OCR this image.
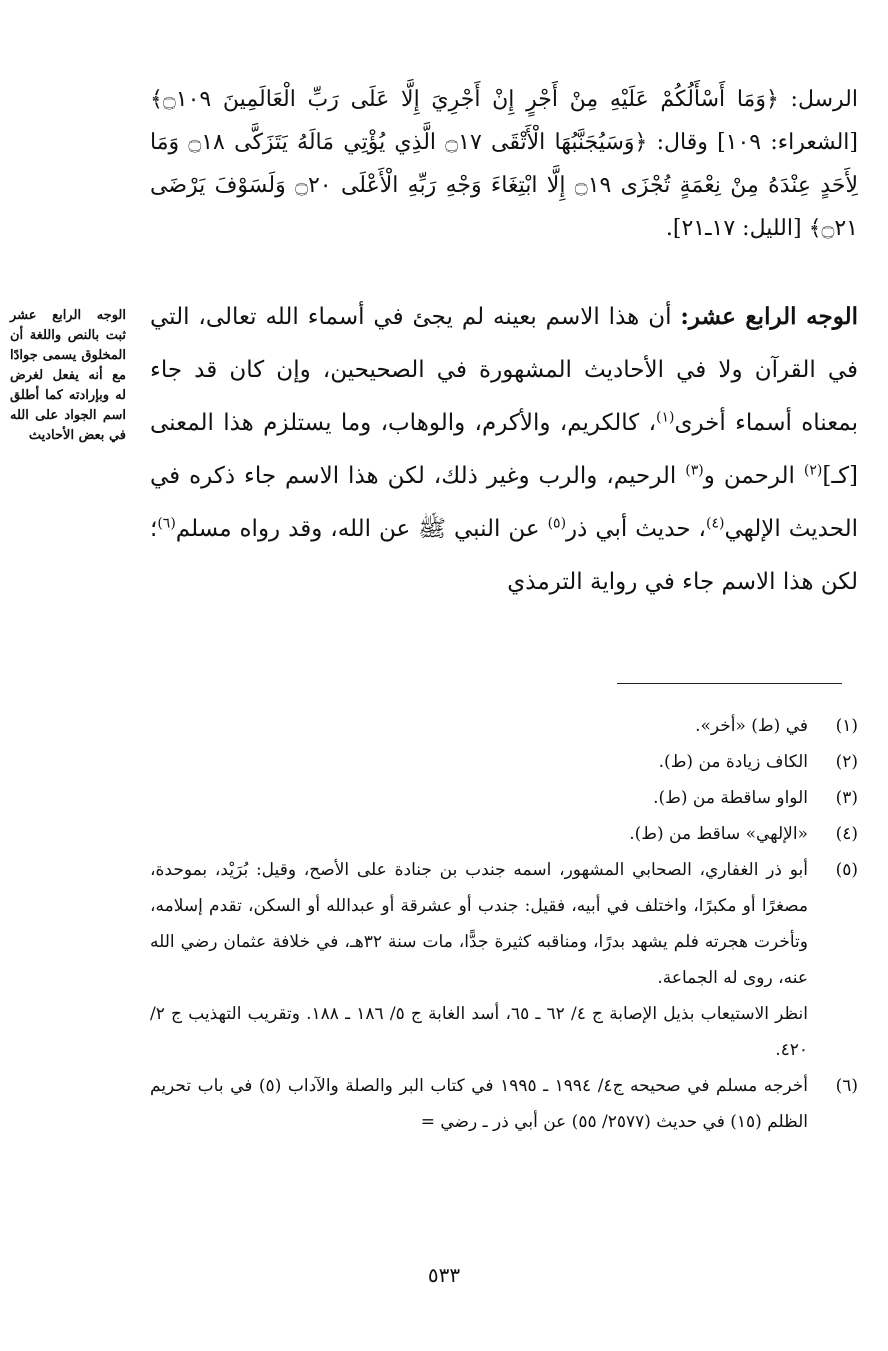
الرسل: ﴿وَمَا أَسْأَلُكُمْ عَلَيْهِ مِنْ أَجْرٍ إِنْ أَجْرِيَ إِلَّا عَلَى رَبِّ الْعَالَمِينَ ۝١٠٩﴾ [الشعراء: ١٠٩] وقال: ﴿وَسَيُجَنَّبُهَا الْأَتْقَى ۝١٧ الَّذِي يُؤْتِي مَالَهُ يَتَزَكَّى ۝١٨ وَمَا لِأَحَدٍ عِنْدَهُ مِنْ نِعْمَةٍ تُجْزَى ۝١٩ إِلَّا ابْتِغَاءَ وَجْهِ رَبِّهِ الْأَعْلَى ۝٢٠ وَلَسَوْفَ يَرْضَى ۝٢١﴾ [الليل: ١٧ـ٢١].
الوجه الرابع عشر: أن هذا الاسم بعينه لم يجئ في أسماء الله تعالى، التي في القرآن ولا في الأحاديث المشهورة في الصحيحين، وإن كان قد جاء بمعناه أسماء أخرى$^{(١)}$، كالكريم، والأكرم، والوهاب، وما يستلزم هذا المعنى [كـ]$^{(٢)}$ الرحمن و$^{(٣)}$ الرحيم، والرب وغير ذلك، لكن هذا الاسم جاء ذكره في الحديث الإلهي$^{(٤)}$، حديث أبي ذر$^{(٥)}$ عن النبي ﷺ عن الله، وقد رواه مسلم$^{(٦)}$؛ لكن هذا الاسم جاء في رواية الترمذي
الوجه الرابع عشر ثبت بالنص واللغة أن المخلوق يسمى جوادًا مع أنه يفعل لغرض له وبإرادته كما أطلق اسم الجواد على الله في بعض الأحاديث
(١)
في (ط) «أخر».
(٢)
الكاف زيادة من (ط).
(٣)
الواو ساقطة من (ط).
(٤)
«الإلهي» ساقط من (ط).
(٥)

أبو ذر الغفاري، الصحابي المشهور، اسمه جندب بن جنادة على الأصح، وقيل: بُرَيْد، بموحدة، مصغرًا أو مكبرًا، واختلف في أبيه، فقيل: جندب أو عشرقة أو عبدالله أو السكن، تقدم إسلامه، وتأخرت هجرته فلم يشهد بدرًا، ومناقبه كثيرة جدًّا، مات سنة ٣٢هـ، في خلافة عثمان رضي الله عنه، روى له الجماعة.

انظر الاستيعاب بذيل الإصابة ج ٤/ ٦٢ ـ ٦٥، أسد الغابة ج ٥/ ١٨٦ ـ ١٨٨. وتقريب التهذيب ج ٢/ ٤٢٠.

(٦)
أخرجه مسلم في صحيحه ج٤/ ١٩٩٤ ـ ١٩٩٥ في كتاب البر والصلة والآداب (٥) في باب تحريم الظلم (١٥) في حديث (٢٥٧٧/ ٥٥) عن أبي ذر ـ رضي =
٥٣٣
